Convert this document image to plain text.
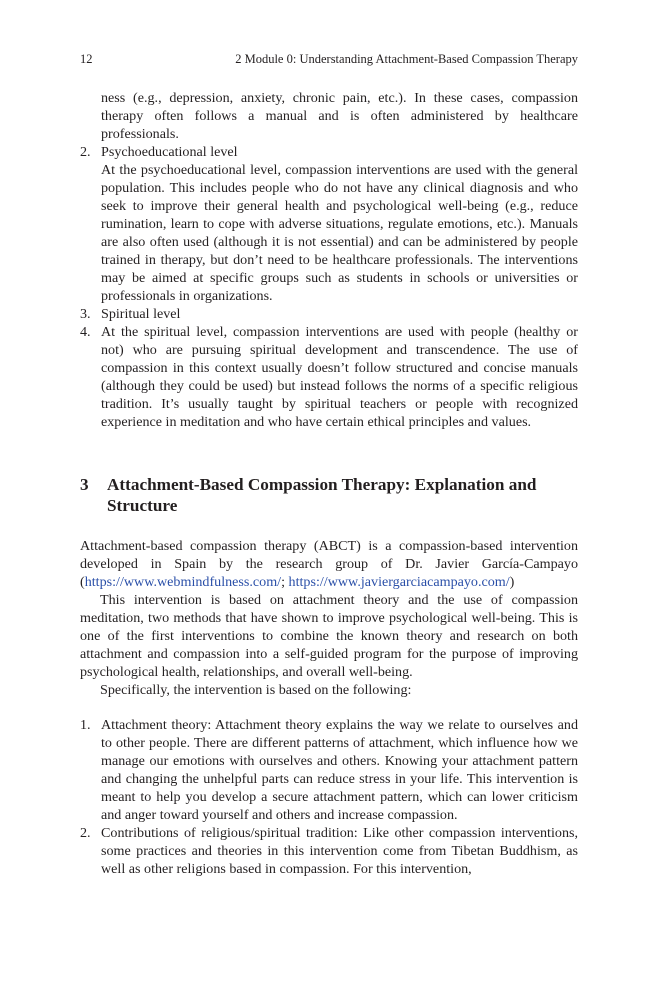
12	2 Module 0: Understanding Attachment-Based Compassion Therapy

ness (e.g., depression, anxiety, chronic pain, etc.). In these cases, compassion therapy often follows a manual and is often administered by healthcare professionals.

2. Psychoeducational level

At the psychoeducational level, compassion interventions are used with the general population. This includes people who do not have any clinical diagnosis and who seek to improve their general health and psychological well-being (e.g., reduce rumination, learn to cope with adverse situations, regulate emotions, etc.). Manuals are also often used (although it is not essential) and can be administered by people trained in therapy, but don’t need to be healthcare professionals. The interventions may be aimed at specific groups such as students in schools or universities or professionals in organizations.

3. Spiritual level
4. At the spiritual level, compassion interventions are used with people (healthy or not) who are pursuing spiritual development and transcendence. The use of compassion in this context usually doesn’t follow structured and concise manuals (although they could be used) but instead follows the norms of a specific religious tradition. It’s usually taught by spiritual teachers or people with recognized experience in meditation and who have certain ethical principles and values.

3 Attachment-Based Compassion Therapy: Explanation and Structure

Attachment-based compassion therapy (ABCT) is a compassion-based intervention developed in Spain by the research group of Dr. Javier García-Campayo (https://www.webmindfulness.com/; https://www.javiergarciacampayo.com/)

This intervention is based on attachment theory and the use of compassion meditation, two methods that have shown to improve psychological well-being. This is one of the first interventions to combine the known theory and research on both attachment and compassion into a self-guided program for the purpose of improving psychological health, relationships, and overall well-being.

Specifically, the intervention is based on the following:

1. Attachment theory: Attachment theory explains the way we relate to ourselves and to other people. There are different patterns of attachment, which influence how we manage our emotions with ourselves and others. Knowing your attachment pattern and changing the unhelpful parts can reduce stress in your life. This intervention is meant to help you develop a secure attachment pattern, which can lower criticism and anger toward yourself and others and increase compassion.

2. Contributions of religious/spiritual tradition: Like other compassion interventions, some practices and theories in this intervention come from Tibetan Buddhism, as well as other religions based in compassion. For this intervention,
